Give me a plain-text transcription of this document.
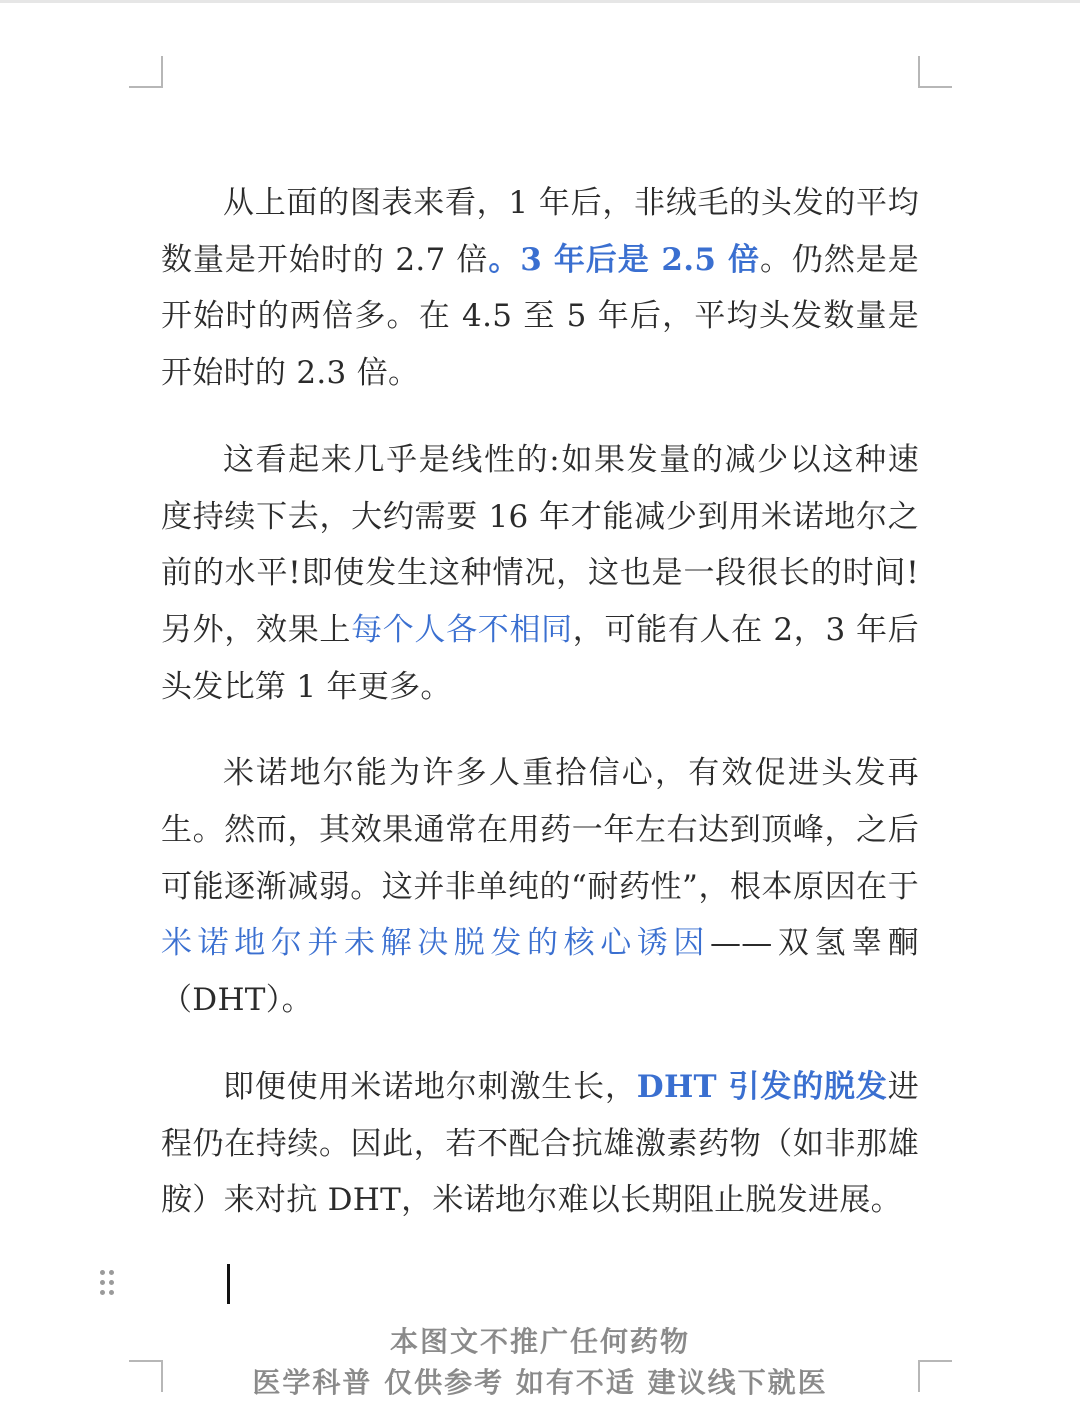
从上面的图表来看，1 年后，非绒毛的头发的平均数量是开始时的 2.7 倍。3 年后是 2.5 倍。仍然是是开始时的两倍多。在 4.5 至 5 年后，平均头发数量是开始时的 2.3 倍。

这看起来几乎是线性的:如果发量的减少以这种速度持续下去，大约需要 16 年才能减少到用米诺地尔之前的水平!即使发生这种情况，这也是一段很长的时间!另外，效果上每个人各不相同，可能有人在 2，3 年后头发比第 1 年更多。

米诺地尔能为许多人重拾信心，有效促进头发再生。然而，其效果通常在用药一年左右达到顶峰，之后可能逐渐减弱。这并非单纯的“耐药性”，根本原因在于米诺地尔并未解决脱发的核心诱因——双氢睾酮（DHT）。

即便使用米诺地尔刺激生长，DHT 引发的脱发进程仍在持续。因此，若不配合抗雄激素药物（如非那雄胺）来对抗 DHT，米诺地尔难以长期阻止脱发进展。

本图文不推广任何药物
医学科普 仅供参考 如有不适 建议线下就医
